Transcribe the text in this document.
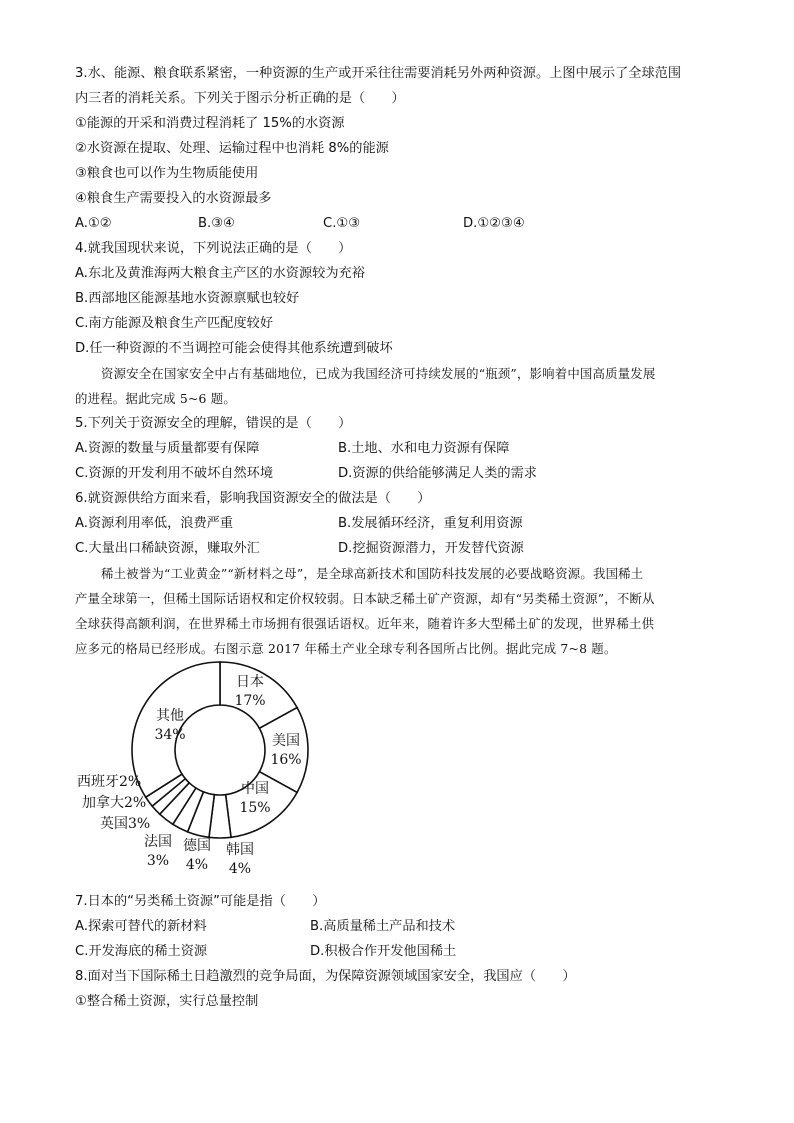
3.水、能源、粮食联系紧密，一种资源的生产或开采往往需要消耗另外两种资源。上图中展示了全球范围
内三者的消耗关系。下列关于图示分析正确的是（　　）
①能源的开采和消费过程消耗了 15%的水资源
②水资源在提取、处理、运输过程中也消耗 8%的能源
③粮食也可以作为生物质能使用
④粮食生产需要投入的水资源最多
A.①②	B.③④	C.①③	D.①②③④
4.就我国现状来说，下列说法正确的是（　　）
A.东北及黄淮海两大粮食主产区的水资源较为充裕
B.西部地区能源基地水资源禀赋也较好
C.南方能源及粮食生产匹配度较好
D.任一种资源的不当调控可能会使得其他系统遭到破坏
资源安全在国家安全中占有基础地位，已成为我国经济可持续发展的“瓶颈”，影响着中国高质量发展
的进程。据此完成 5~6 题。
5.下列关于资源安全的理解，错误的是（　　）
A.资源的数量与质量都要有保障	B.土地、水和电力资源有保障
C.资源的开发利用不破坏自然环境	D.资源的供给能够满足人类的需求
6.就资源供给方面来看，影响我国资源安全的做法是（　　）
A.资源利用率低，浪费严重	B.发展循环经济，重复利用资源
C.大量出口稀缺资源，赚取外汇	D.挖掘资源潜力，开发替代资源
稀土被誉为“工业黄金”“新材料之母”，是全球高新技术和国防科技发展的必要战略资源。我国稀土
产量全球第一，但稀土国际话语权和定价权较弱。日本缺乏稀土矿产资源，却有“另类稀土资源”，不断从
全球获得高额利润，在世界稀土市场拥有很强话语权。近年来，随着许多大型稀土矿的发现，世界稀土供
应多元的格局已经形成。右图示意 2017 年稀土产业全球专利各国所占比例。据此完成 7~8 题。
日本 17%
美国 16%
中国 15%
韩国 4%
德国 4%
法国 3%
英国3%
加拿大2%
西班牙2%
其他 34%
7.日本的“另类稀土资源”可能是指（　　）
A.探索可替代的新材料	B.高质量稀土产品和技术
C.开发海底的稀土资源	D.积极合作开发他国稀土
8.面对当下国际稀土日趋激烈的竞争局面，为保障资源领域国家安全，我国应（　　）
①整合稀土资源，实行总量控制
